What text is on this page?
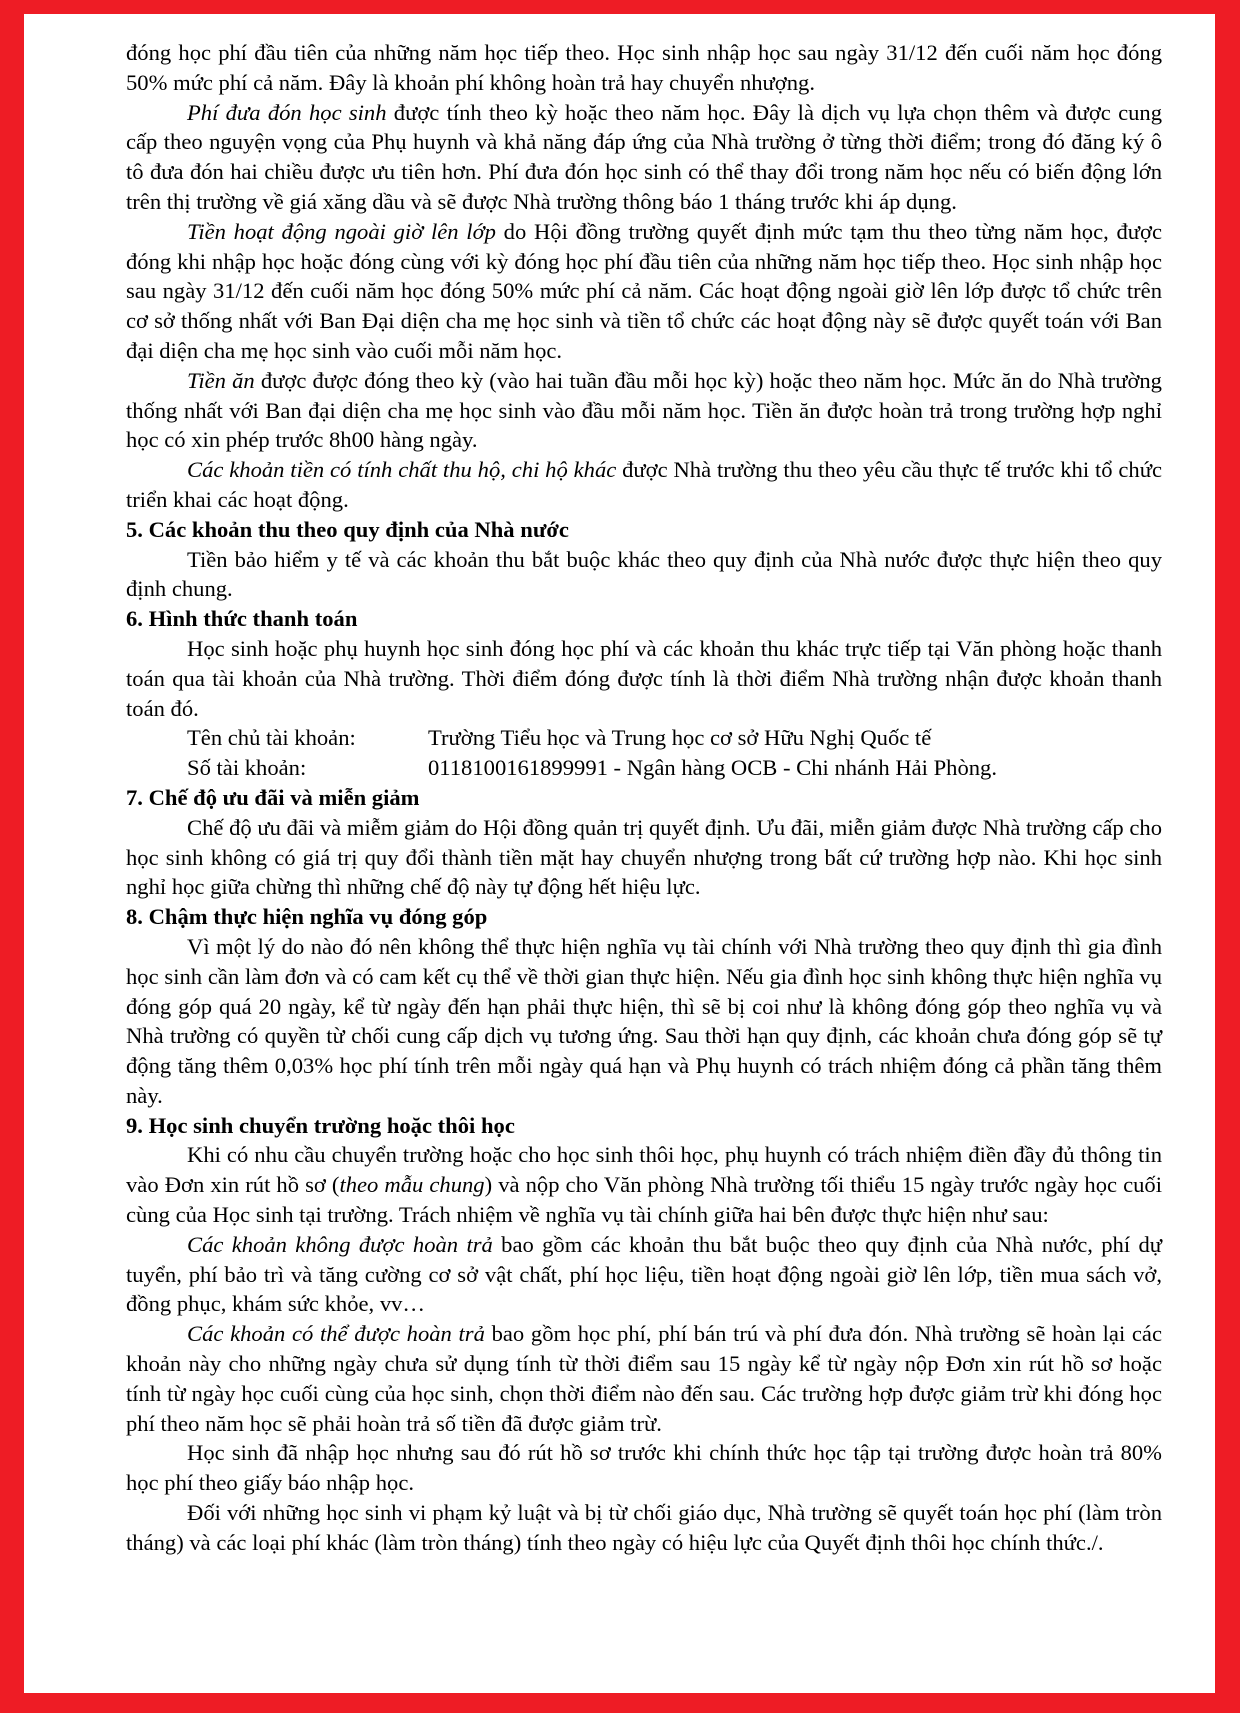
đóng học phí đầu tiên của những năm học tiếp theo. Học sinh nhập học sau ngày 31/12 đến cuối năm học đóng 50% mức phí cả năm. Đây là khoản phí không hoàn trả hay chuyển nhượng.

Phí đưa đón học sinh được tính theo kỳ hoặc theo năm học. Đây là dịch vụ lựa chọn thêm và được cung cấp theo nguyện vọng của Phụ huynh và khả năng đáp ứng của Nhà trường ở từng thời điểm; trong đó đăng ký ô tô đưa đón hai chiều được ưu tiên hơn. Phí đưa đón học sinh có thể thay đổi trong năm học nếu có biến động lớn trên thị trường về giá xăng dầu và sẽ được Nhà trường thông báo 1 tháng trước khi áp dụng.

Tiền hoạt động ngoài giờ lên lớp do Hội đồng trường quyết định mức tạm thu theo từng năm học, được đóng khi nhập học hoặc đóng cùng với kỳ đóng học phí đầu tiên của những năm học tiếp theo. Học sinh nhập học sau ngày 31/12 đến cuối năm học đóng 50% mức phí cả năm. Các hoạt động ngoài giờ lên lớp được tổ chức trên cơ sở thống nhất với Ban Đại diện cha mẹ học sinh và tiền tổ chức các hoạt động này sẽ được quyết toán với Ban đại diện cha mẹ học sinh vào cuối mỗi năm học.

Tiền ăn được được đóng theo kỳ (vào hai tuần đầu mỗi học kỳ) hoặc theo năm học. Mức ăn do Nhà trường thống nhất với Ban đại diện cha mẹ học sinh vào đầu mỗi năm học. Tiền ăn được hoàn trả trong trường hợp nghỉ học có xin phép trước 8h00 hàng ngày.

Các khoản tiền có tính chất thu hộ, chi hộ khác được Nhà trường thu theo yêu cầu thực tế trước khi tổ chức triển khai các hoạt động.

5. Các khoản thu theo quy định của Nhà nước

Tiền bảo hiểm y tế và các khoản thu bắt buộc khác theo quy định của Nhà nước được thực hiện theo quy định chung.

6. Hình thức thanh toán

Học sinh hoặc phụ huynh học sinh đóng học phí và các khoản thu khác trực tiếp tại Văn phòng hoặc thanh toán qua tài khoản của Nhà trường. Thời điểm đóng được tính là thời điểm Nhà trường nhận được khoản thanh toán đó.

Tên chủ tài khoản:	Trường Tiểu học và Trung học cơ sở Hữu Nghị Quốc tế
Số tài khoản:	0118100161899991 - Ngân hàng OCB - Chi nhánh Hải Phòng.

7. Chế độ ưu đãi và miễn giảm

Chế độ ưu đãi và miễm giảm do Hội đồng quản trị quyết định. Ưu đãi, miễn giảm được Nhà trường cấp cho học sinh không có giá trị quy đổi thành tiền mặt hay chuyển nhượng trong bất cứ trường hợp nào. Khi học sinh nghỉ học giữa chừng thì những chế độ này tự động hết hiệu lực.

8. Chậm thực hiện nghĩa vụ đóng góp

Vì một lý do nào đó nên không thể thực hiện nghĩa vụ tài chính với Nhà trường theo quy định thì gia đình học sinh cần làm đơn và có cam kết cụ thể về thời gian thực hiện. Nếu gia đình học sinh không thực hiện nghĩa vụ đóng góp quá 20 ngày, kể từ ngày đến hạn phải thực hiện, thì sẽ bị coi như là không đóng góp theo nghĩa vụ và Nhà trường có quyền từ chối cung cấp dịch vụ tương ứng. Sau thời hạn quy định, các khoản chưa đóng góp sẽ tự động tăng thêm 0,03% học phí tính trên mỗi ngày quá hạn và Phụ huynh có trách nhiệm đóng cả phần tăng thêm này.

9. Học sinh chuyển trường hoặc thôi học

Khi có nhu cầu chuyển trường hoặc cho học sinh thôi học, phụ huynh có trách nhiệm điền đầy đủ thông tin vào Đơn xin rút hồ sơ (theo mẫu chung) và nộp cho Văn phòng Nhà trường tối thiểu 15 ngày trước ngày học cuối cùng của Học sinh tại trường. Trách nhiệm về nghĩa vụ tài chính giữa hai bên được thực hiện như sau:

Các khoản không được hoàn trả bao gồm các khoản thu bắt buộc theo quy định của Nhà nước, phí dự tuyển, phí bảo trì và tăng cường cơ sở vật chất, phí học liệu, tiền hoạt động ngoài giờ lên lớp, tiền mua sách vở, đồng phục, khám sức khỏe, vv…

Các khoản có thể được hoàn trả bao gồm học phí, phí bán trú và phí đưa đón. Nhà trường sẽ hoàn lại các khoản này cho những ngày chưa sử dụng tính từ thời điểm sau 15 ngày kể từ ngày nộp Đơn xin rút hồ sơ hoặc tính từ ngày học cuối cùng của học sinh, chọn thời điểm nào đến sau. Các trường hợp được giảm trừ khi đóng học phí theo năm học sẽ phải hoàn trả số tiền đã được giảm trừ.

Học sinh đã nhập học nhưng sau đó rút hồ sơ trước khi chính thức học tập tại trường được hoàn trả 80% học phí theo giấy báo nhập học.

Đối với những học sinh vi phạm kỷ luật và bị từ chối giáo dục, Nhà trường sẽ quyết toán học phí (làm tròn tháng) và các loại phí khác (làm tròn tháng) tính theo ngày có hiệu lực của Quyết định thôi học chính thức./.
